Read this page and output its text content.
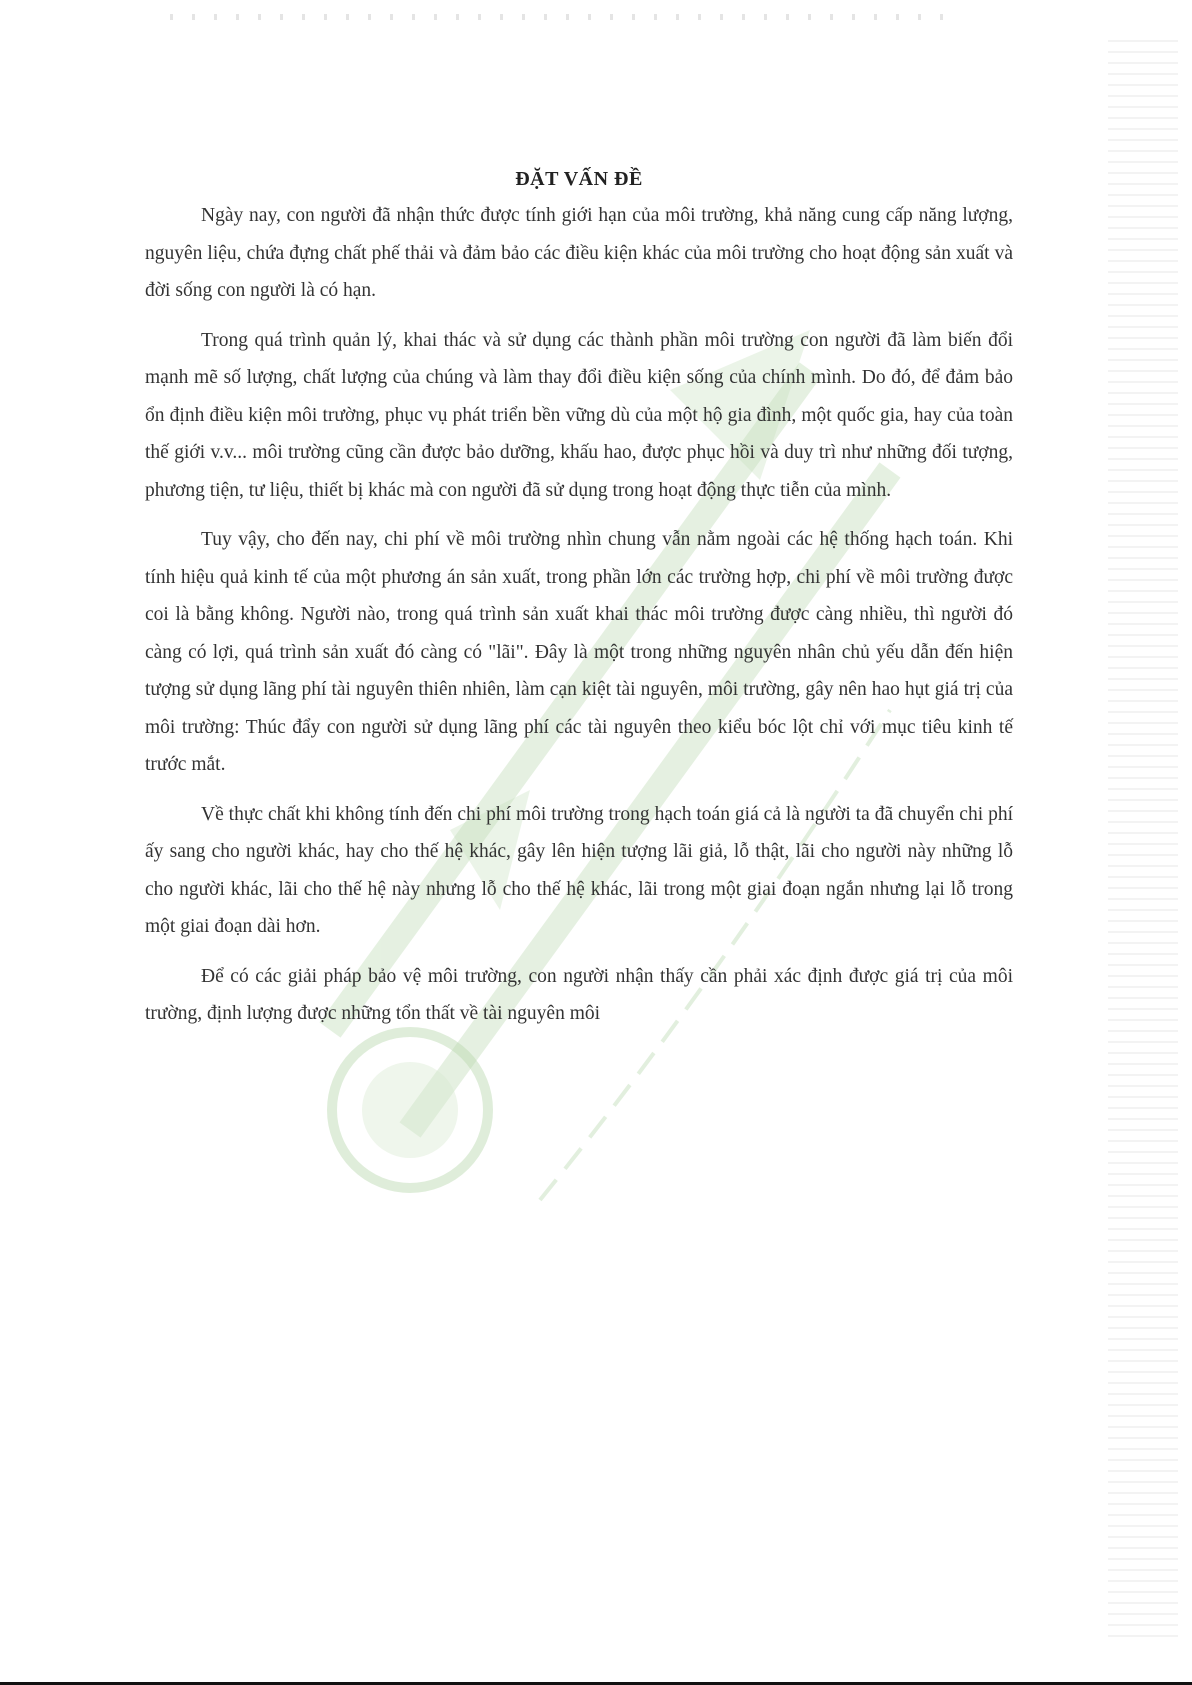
ĐẶT VẤN ĐỀ

Ngày nay, con người đã nhận thức được tính giới hạn của môi trường, khả năng cung cấp năng lượng, nguyên liệu, chứa đựng chất phế thải và đảm bảo các điều kiện khác của môi trường cho hoạt động sản xuất và đời sống con người là có hạn.

Trong quá trình quản lý, khai thác và sử dụng các thành phần môi trường con người đã làm biến đổi mạnh mẽ số lượng, chất lượng của chúng và làm thay đổi điều kiện sống của chính mình. Do đó, để đảm bảo ổn định điều kiện môi trường, phục vụ phát triển bền vững dù của một hộ gia đình, một quốc gia, hay của toàn thế giới v.v... môi trường cũng cần được bảo dưỡng, khấu hao, được phục hồi và duy trì như những đối tượng, phương tiện, tư liệu, thiết bị khác mà con người đã sử dụng trong hoạt động thực tiễn của mình.

Tuy vậy, cho đến nay, chi phí về môi trường nhìn chung vẫn nằm ngoài các hệ thống hạch toán. Khi tính hiệu quả kinh tế của một phương án sản xuất, trong phần lớn các trường hợp, chi phí về môi trường được coi là bằng không. Người nào, trong quá trình sản xuất khai thác môi trường được càng nhiều, thì người đó càng có lợi, quá trình sản xuất đó càng có "lãi". Đây là một trong những nguyên nhân chủ yếu dẫn đến hiện tượng sử dụng lãng phí tài nguyên thiên nhiên, làm cạn kiệt tài nguyên, môi trường, gây nên hao hụt giá trị của môi trường: Thúc đẩy con người sử dụng lãng phí các tài nguyên theo kiểu bóc lột chỉ với mục tiêu kinh tế trước mắt.

Về thực chất khi không tính đến chi phí môi trường trong hạch toán giá cả là người ta đã chuyển chi phí ấy sang cho người khác, hay cho thế hệ khác, gây lên hiện tượng lãi giả, lỗ thật, lãi cho người này những lỗ cho người khác, lãi cho thế hệ này nhưng lỗ cho thế hệ khác, lãi trong một giai đoạn ngắn nhưng lại lỗ trong một giai đoạn dài hơn.

Để có các giải pháp bảo vệ môi trường, con người nhận thấy cần phải xác định được giá trị của môi trường, định lượng được những tổn thất về tài nguyên môi
